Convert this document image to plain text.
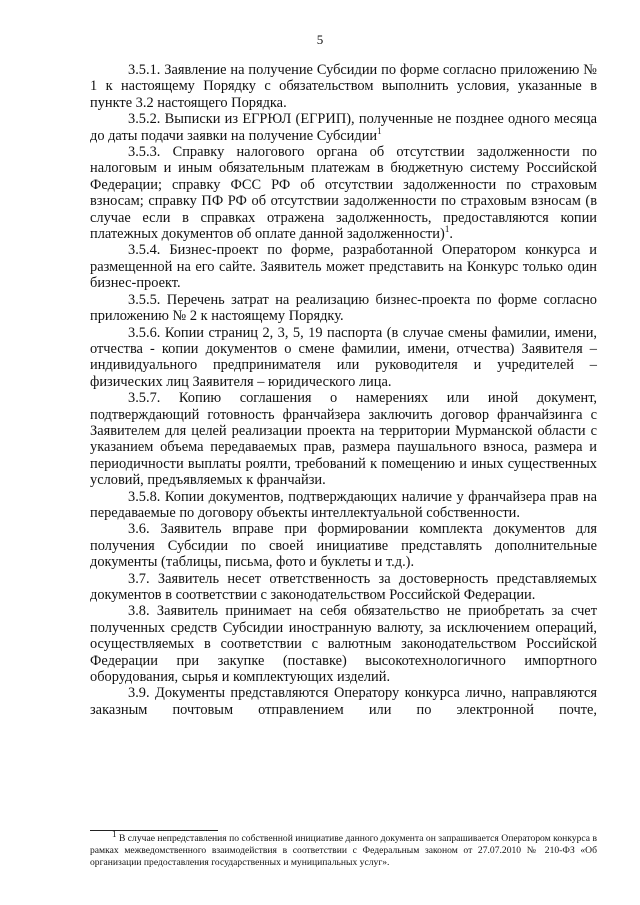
5

3.5.1. Заявление на получение Субсидии по форме согласно приложению № 1 к настоящему Порядку с обязательством выполнить условия, указанные в пункте 3.2 настоящего Порядка.

3.5.2. Выписки из ЕГРЮЛ (ЕГРИП), полученные не позднее одного месяца до даты подачи заявки на получение Субсидии$^1$

3.5.3. Справку налогового органа об отсутствии задолженности по налоговым и иным обязательным платежам в бюджетную систему Российской Федерации; справку ФСС РФ об отсутствии задолженности по страховым взносам; справку ПФ РФ об отсутствии задолженности по страховым взносам (в случае если в справках отражена задолженность, предоставляются копии платежных документов об оплате данной задолженности)$^1$.

3.5.4. Бизнес-проект по форме, разработанной Оператором конкурса и размещенной на его сайте. Заявитель может представить на Конкурс только один бизнес-проект.

3.5.5. Перечень затрат на реализацию бизнес-проекта по форме согласно приложению № 2 к настоящему Порядку.

3.5.6. Копии страниц 2, 3, 5, 19 паспорта (в случае смены фамилии, имени, отчества - копии документов о смене фамилии, имени, отчества) Заявителя – индивидуального предпринимателя или руководителя и учредителей – физических лиц Заявителя – юридического лица.

3.5.7. Копию соглашения о намерениях или иной документ, подтверждающий готовность франчайзера заключить договор франчайзинга с Заявителем для целей реализации проекта на территории Мурманской области с указанием объема передаваемых прав, размера паушального взноса, размера и периодичности выплаты роялти, требований к помещению и иных существенных условий, предъявляемых к франчайзи.

3.5.8. Копии документов, подтверждающих наличие у франчайзера прав на передаваемые по договору объекты интеллектуальной собственности.

3.6. Заявитель вправе при формировании комплекта документов для получения Субсидии по своей инициативе представлять дополнительные документы (таблицы, письма, фото и буклеты и т.д.).

3.7. Заявитель несет ответственность за достоверность представляемых документов в соответствии с законодательством Российской Федерации.

3.8. Заявитель принимает на себя обязательство не приобретать за счет полученных средств Субсидии иностранную валюту, за исключением операций, осуществляемых в соответствии с валютным законодательством Российской Федерации при закупке (поставке) высокотехнологичного импортного оборудования, сырья и комплектующих изделий.

3.9. Документы представляются Оператору конкурса лично, направляются заказным почтовым отправлением или по электронной почте,

$^1$ В случае непредставления по собственной инициативе данного документа он запрашивается Оператором конкурса в рамках межведомственного взаимодействия в соответствии с Федеральным законом от 27.07.2010 № 210-ФЗ «Об организации предоставления государственных и муниципальных услуг».
